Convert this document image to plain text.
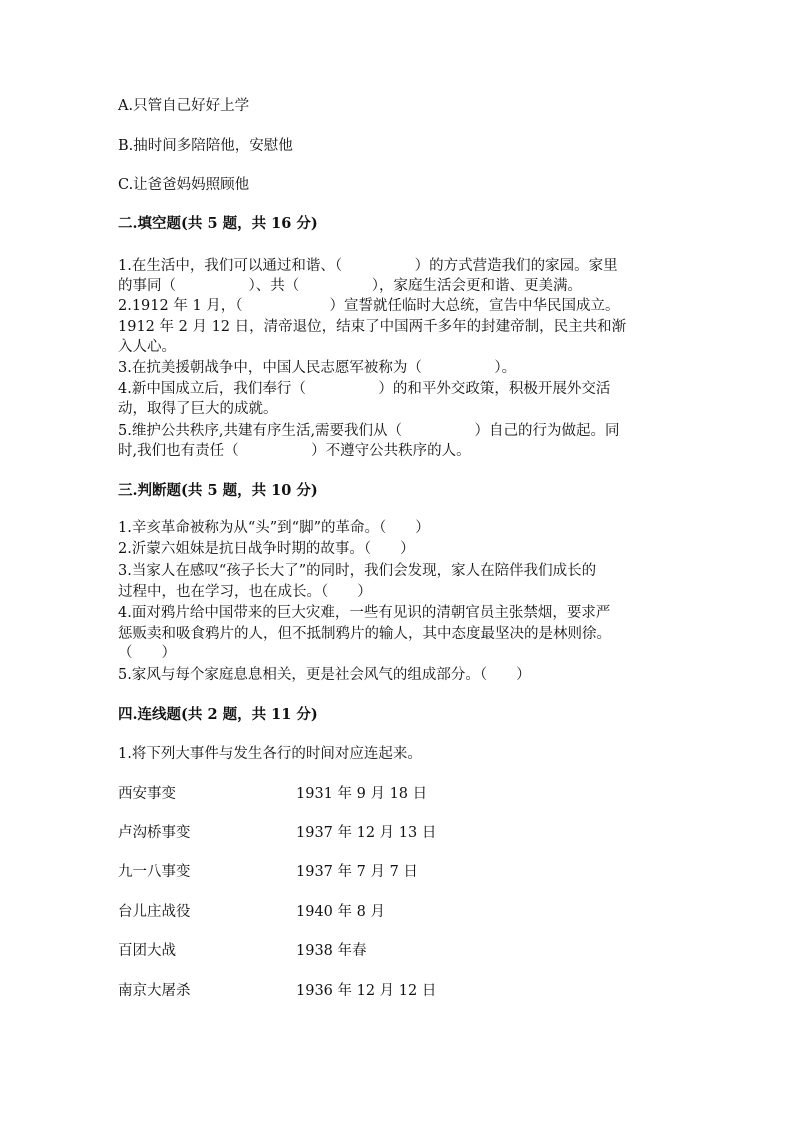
A.只管自己好好上学
B.抽时间多陪陪他，安慰他
C.让爸爸妈妈照顾他
二.填空题(共 5 题，共 16 分)
1.在生活中，我们可以通过和谐、（　　　　　）的方式营造我们的家园。家里
的事同（　　　　　）、共（　　　　　），家庭生活会更和谐、更美满。
2.1912 年 1 月，（　　　　　　）宣誓就任临时大总统，宣告中华民国成立。
1912 年 2 月 12 日，清帝退位，结束了中国两千多年的封建帝制，民主共和渐
入人心。
3.在抗美援朝战争中，中国人民志愿军被称为（　　　　　）。
4.新中国成立后，我们奉行（　　　　　）的和平外交政策，积极开展外交活
动，取得了巨大的成就。
5.维护公共秩序,共建有序生活,需要我们从（　　　　　）自己的行为做起。同
时,我们也有责任（　　　　　）不遵守公共秩序的人。
三.判断题(共 5 题，共 10 分)
1.辛亥革命被称为从“头”到“脚”的革命。（　　）
2.沂蒙六姐妹是抗日战争时期的故事。（　　）
3.当家人在感叹“孩子长大了”的同时，我们会发现，家人在陪伴我们成长的
过程中，也在学习，也在成长。（　　）
4.面对鸦片给中国带来的巨大灾难，一些有见识的清朝官员主张禁烟，要求严
惩贩卖和吸食鸦片的人，但不抵制鸦片的输人，其中态度最坚决的是林则徐。
（　　）
5.家风与每个家庭息息相关，更是社会风气的组成部分。（　　）
四.连线题(共 2 题，共 11 分)
1.将下列大事件与发生各行的时间对应连起来。
西安事变	1931 年 9 月 18 日
卢沟桥事变	1937 年 12 月 13 日
九一八事变	1937 年 7 月 7 日
台儿庄战役	1940 年 8 月
百团大战	1938 年春
南京大屠杀	1936 年 12 月 12 日
